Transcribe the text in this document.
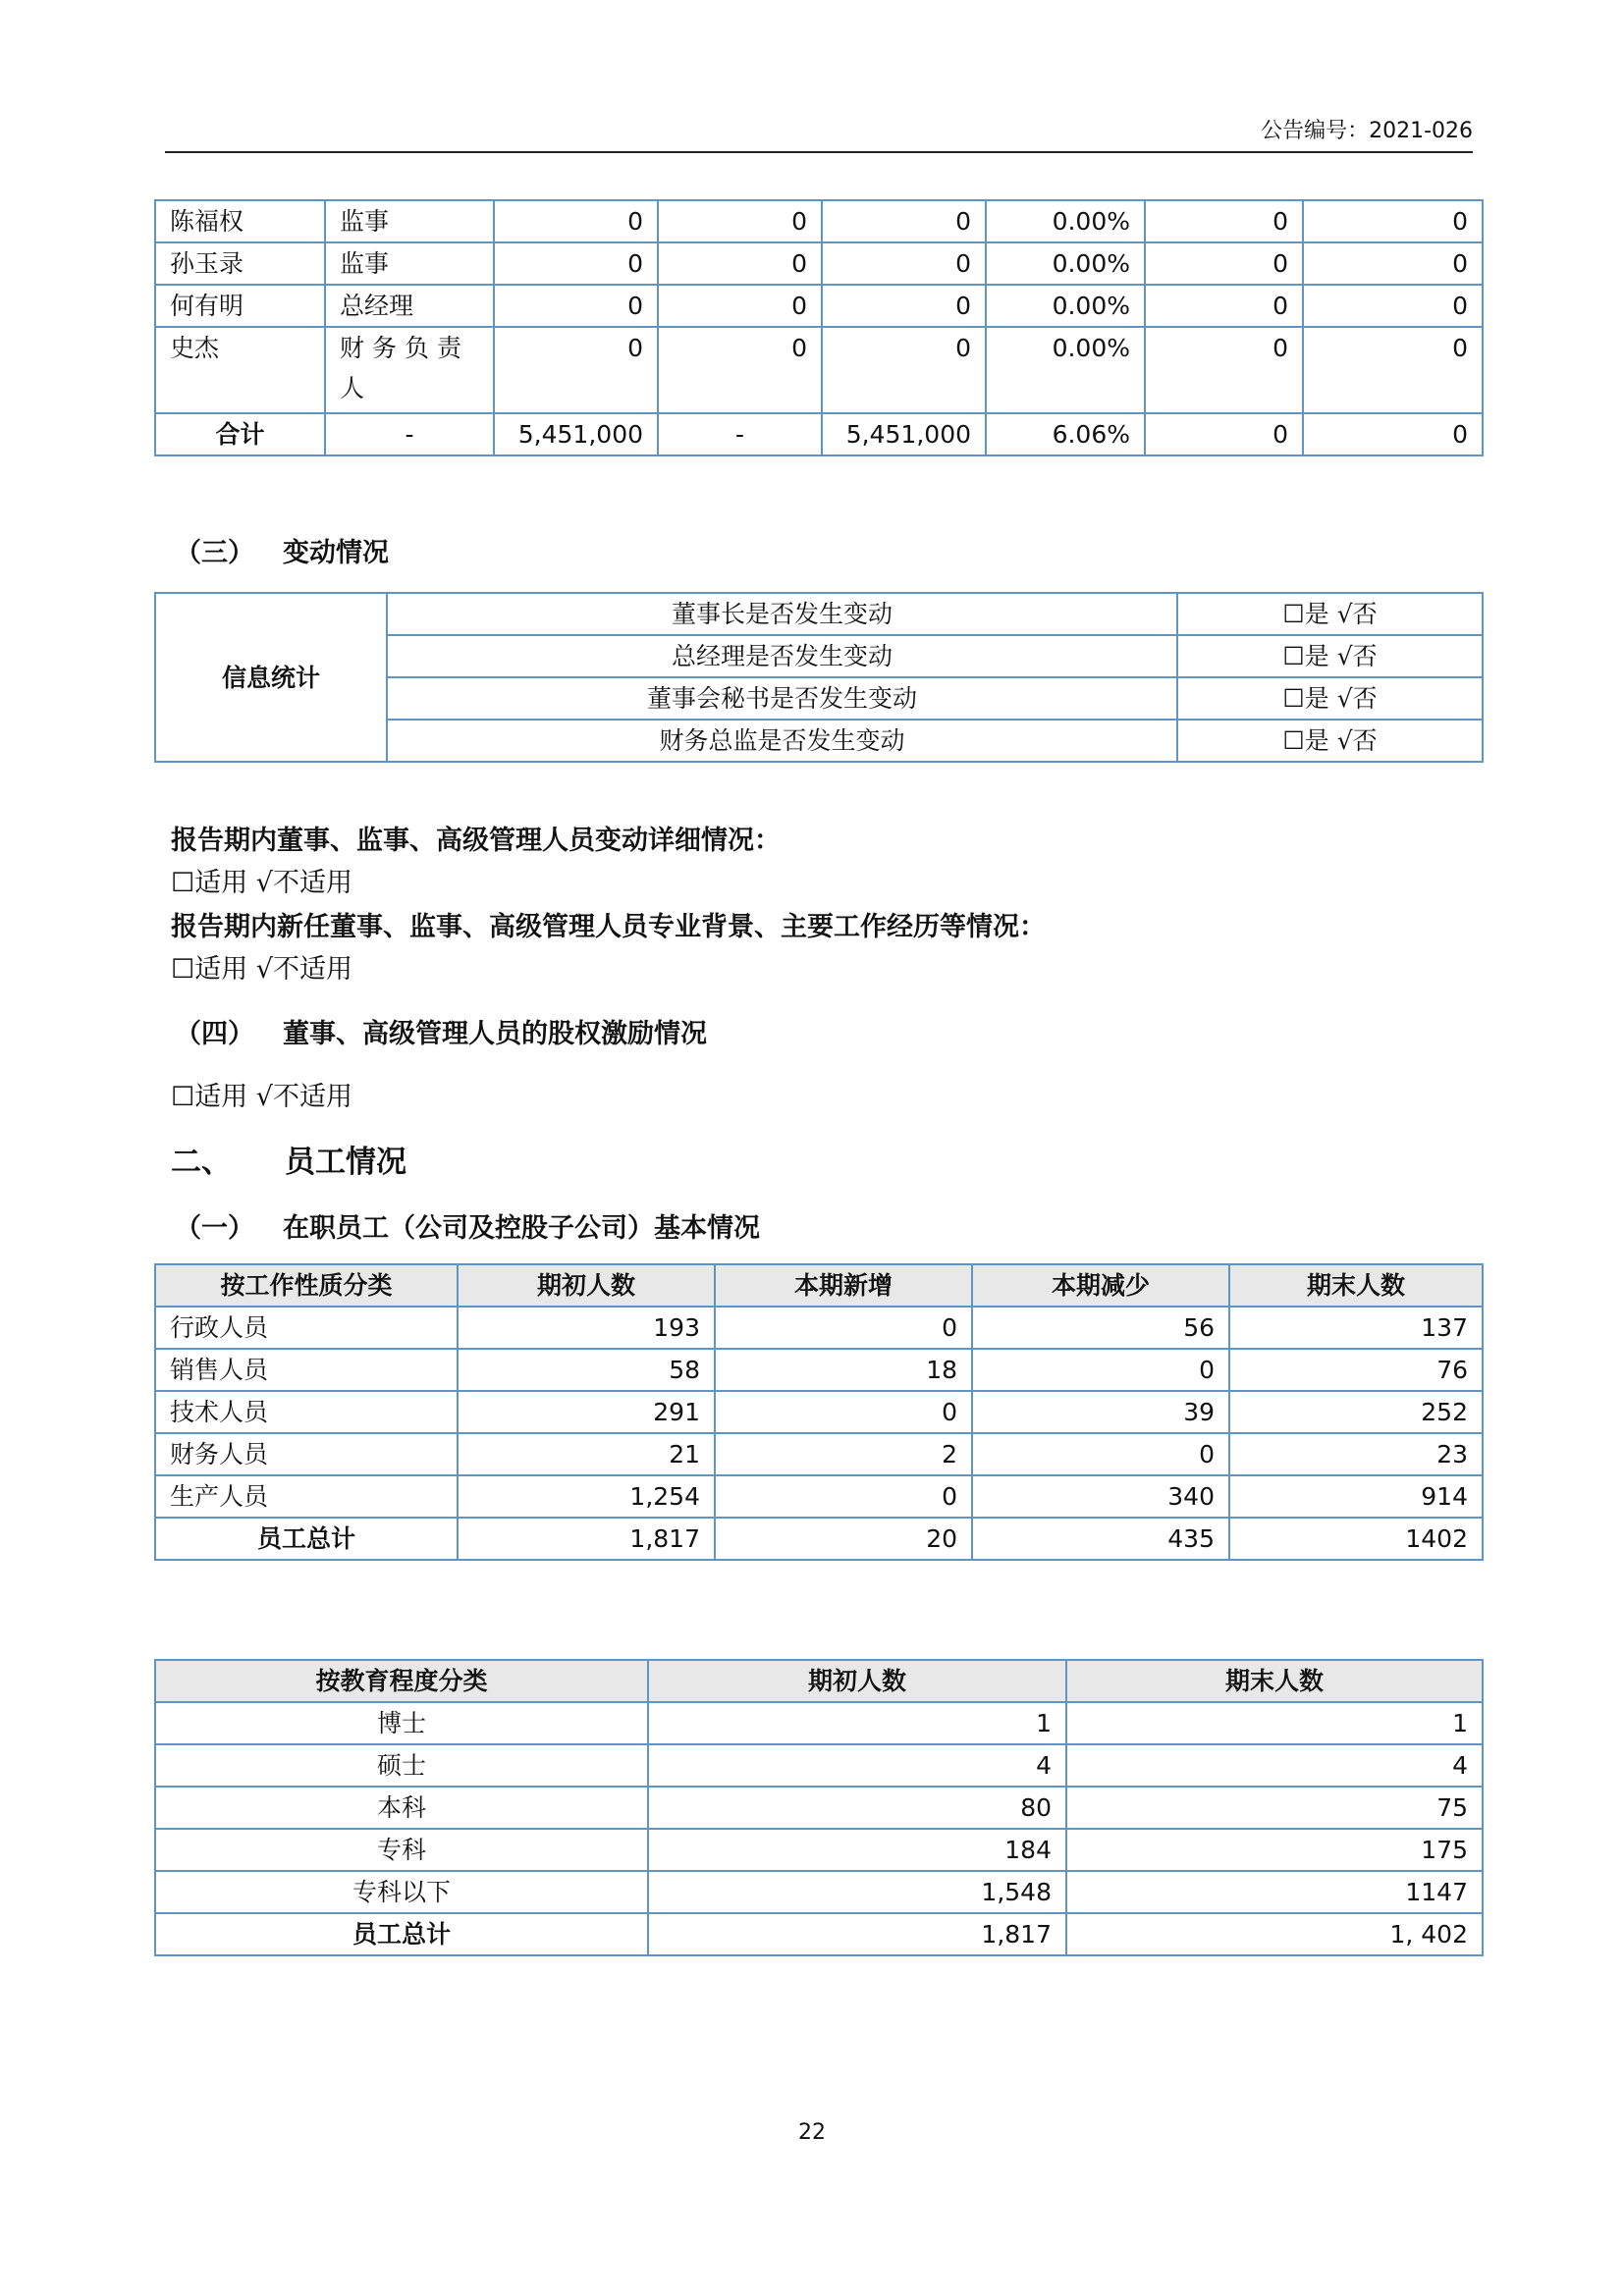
公告编号：2021-026
陈福权	监事	0	0	0	0.00%	0	0
孙玉录	监事	0	0	0	0.00%	0	0
何有明	总经理	0	0	0	0.00%	0	0
史杰	财务负责人	0	0	0	0.00%	0	0
合计	-	5,451,000	-	5,451,000	6.06%	0	0
（三） 变动情况
信息统计	董事长是否发生变动	☐是 √否
	总经理是否发生变动	☐是 √否
	董事会秘书是否发生变动	☐是 √否
	财务总监是否发生变动	☐是 √否
报告期内董事、监事、高级管理人员变动详细情况：
☐适用 √不适用
报告期内新任董事、监事、高级管理人员专业背景、主要工作经历等情况：
☐适用 √不适用
（四） 董事、高级管理人员的股权激励情况
☐适用 √不适用
二、 员工情况
（一） 在职员工（公司及控股子公司）基本情况
按工作性质分类	期初人数	本期新增	本期减少	期末人数
行政人员	193	0	56	137
销售人员	58	18	0	76
技术人员	291	0	39	252
财务人员	21	2	0	23
生产人员	1,254	0	340	914
员工总计	1,817	20	435	1402
按教育程度分类	期初人数	期末人数
博士	1	1
硕士	4	4
本科	80	75
专科	184	175
专科以下	1,548	1147
员工总计	1,817	1, 402
22
